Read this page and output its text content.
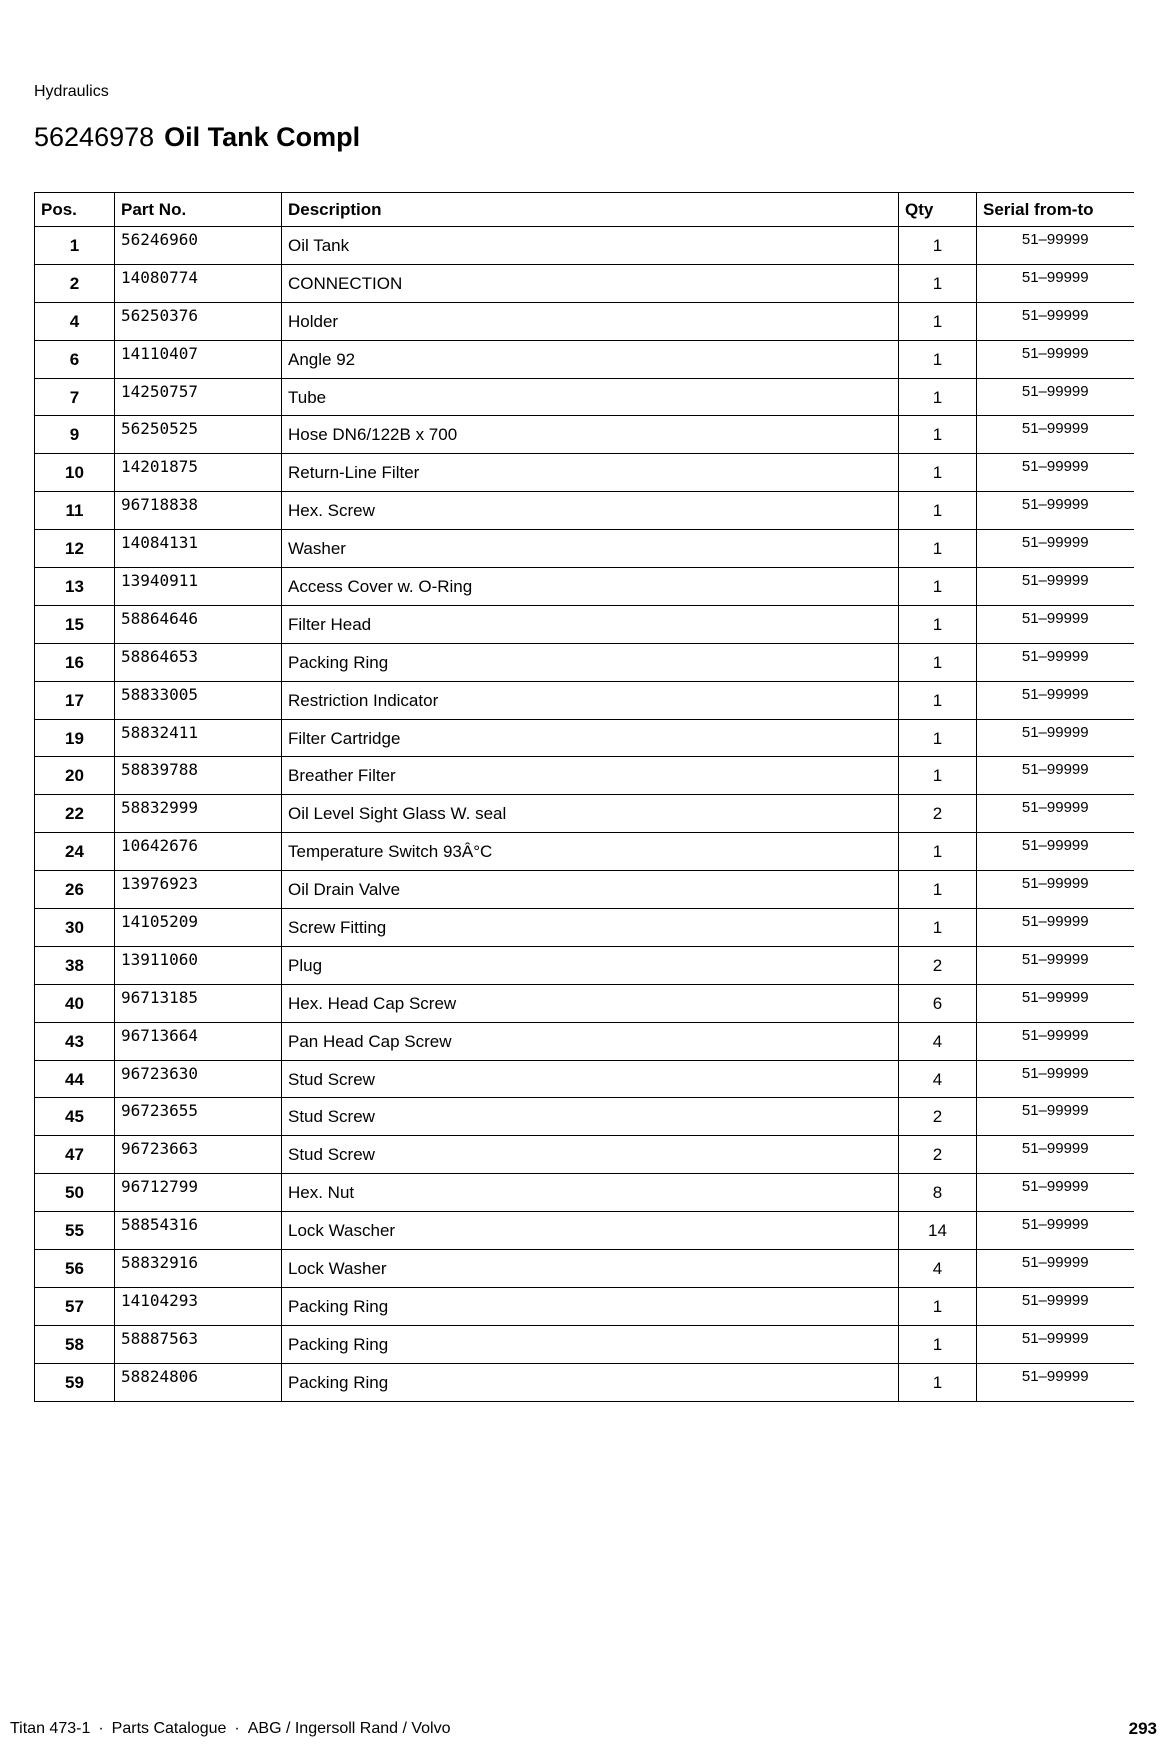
Hydraulics
56246978 Oil Tank Compl
Pos.	Part No.	Description	Qty	Serial from-to
1	56246960	Oil Tank	1	51–99999
2	14080774	CONNECTION	1	51–99999
4	56250376	Holder	1	51–99999
6	14110407	Angle 92	1	51–99999
7	14250757	Tube	1	51–99999
9	56250525	Hose DN6/122B x 700	1	51–99999
10	14201875	Return-Line Filter	1	51–99999
11	96718838	Hex. Screw	1	51–99999
12	14084131	Washer	1	51–99999
13	13940911	Access Cover w. O-Ring	1	51–99999
15	58864646	Filter Head	1	51–99999
16	58864653	Packing Ring	1	51–99999
17	58833005	Restriction Indicator	1	51–99999
19	58832411	Filter Cartridge	1	51–99999
20	58839788	Breather Filter	1	51–99999
22	58832999	Oil Level Sight Glass W. seal	2	51–99999
24	10642676	Temperature Switch 93Â°C	1	51–99999
26	13976923	Oil Drain Valve	1	51–99999
30	14105209	Screw Fitting	1	51–99999
38	13911060	Plug	2	51–99999
40	96713185	Hex. Head Cap Screw	6	51–99999
43	96713664	Pan Head Cap Screw	4	51–99999
44	96723630	Stud Screw	4	51–99999
45	96723655	Stud Screw	2	51–99999
47	96723663	Stud Screw	2	51–99999
50	96712799	Hex. Nut	8	51–99999
55	58854316	Lock Wascher	14	51–99999
56	58832916	Lock Washer	4	51–99999
57	14104293	Packing Ring	1	51–99999
58	58887563	Packing Ring	1	51–99999
59	58824806	Packing Ring	1	51–99999
Titan 473-1 · Parts Catalogue · ABG / Ingersoll Rand / Volvo	293
